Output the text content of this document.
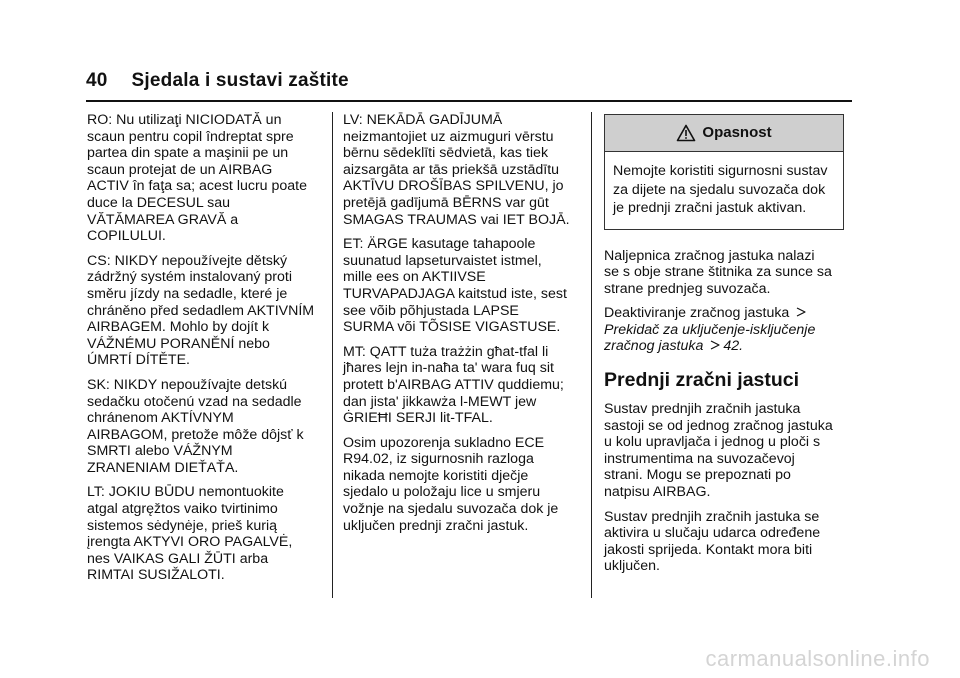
40 Sjedala i sustavi zaštite

RO: Nu utilizaţi NICIODATĂ un
scaun pentru copil îndreptat spre
partea din spate a maşinii pe un
scaun protejat de un AIRBAG
ACTIV în faţa sa; acest lucru poate
duce la DECESUL sau
VĂTĂMAREA GRAVĂ a
COPILULUI.

CS: NIKDY nepoužívejte dětský
zádržný systém instalovaný proti
směru jízdy na sedadle, které je
chráněno před sedadlem AKTIVNÍM
AIRBAGEM. Mohlo by dojít k
VÁŽNÉMU PORANĚNÍ nebo
ÚMRTÍ DÍTĚTE.

SK: NIKDY nepoužívajte detskú
sedačku otočenú vzad na sedadle
chránenom AKTÍVNYM
AIRBAGOM, pretože môže dôjsť k
SMRTI alebo VÁŽNYM
ZRANENIAM DIEŤAŤA.

LT: JOKIU BŪDU nemontuokite
atgal atgręžtos vaiko tvirtinimo
sistemos sėdynėje, prieš kurią
įrengta AKTYVI ORO PAGALVĖ,
nes VAIKAS GALI ŽŪTI arba
RIMTAI SUSIŽALOTI.

LV: NEKĀDĀ GADĪJUMĀ
neizmantojiet uz aizmuguri vērstu
bērnu sēdeklīti sēdvietā, kas tiek
aizsargāta ar tās priekšā uzstādītu
AKTĪVU DROŠĪBAS SPILVENU, jo
pretējā gadījumā BĒRNS var gūt
SMAGAS TRAUMAS vai IET BOJĀ.

ET: ÄRGE kasutage tahapoole
suunatud lapseturvaistet istmel,
mille ees on AKTIIVSE
TURVAPADJAGA kaitstud iste, sest
see võib põhjustada LAPSE
SURMA või TÕSISE VIGASTUSE.

MT: QATT tuża trażżin għat-tfal li
jħares lejn in-naħa ta' wara fuq sit
protett b'AIRBAG ATTIV quddiemu;
dan jista' jikkawża l-MEWT jew
ĠRIEĦI SERJI lit-TFAL.

Osim upozorenja sukladno ECE
R94.02, iz sigurnosnih razloga
nikada nemojte koristiti dječje
sjedalo u položaju lice u smjeru
vožnje na sjedalu suvozača dok je
uključen prednji zračni jastuk.

Opasnost
Nemojte koristiti sigurnosni sustav
za dijete na sjedalu suvozača dok
je prednji zračni jastuk aktivan.

Naljepnica zračnog jastuka nalazi
se s obje strane štitnika za sunce sa
strane prednjeg suvozača.

Deaktiviranje zračnog jastuka
Prekidač za uključenje-isključenje
zračnog jastuka 42.

Prednji zračni jastuci

Sustav prednjih zračnih jastuka
sastoji se od jednog zračnog jastuka
u kolu upravljača i jednog u ploči s
instrumentima na suvozačevoj
strani. Mogu se prepoznati po
natpisu AIRBAG.

Sustav prednjih zračnih jastuka se
aktivira u slučaju udarca određene
jakosti sprijeda. Kontakt mora biti
uključen.

carmanualsonline.info
